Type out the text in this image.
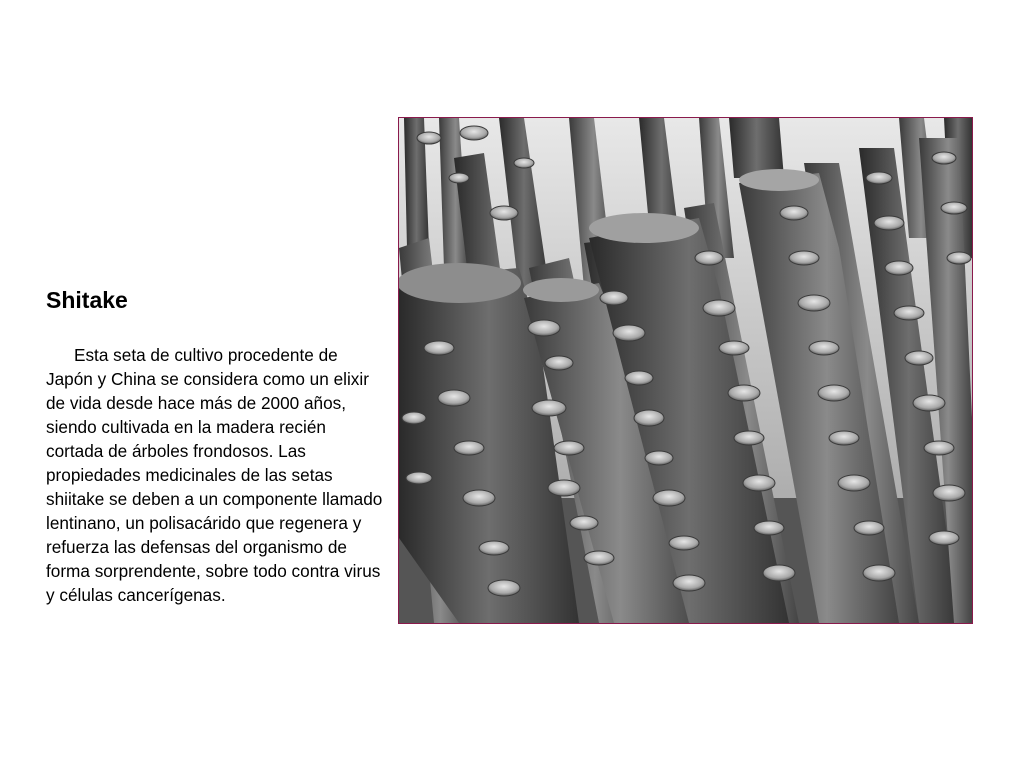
Shitake

Esta seta de cultivo procedente de Japón y China se considera como un elixir de vida desde hace más de 2000 años, siendo cultivada en la madera recién cortada de árboles frondosos. Las propiedades medicinales de las setas shiitake se deben a un componente llamado lentinano, un polisacárido que regenera y refuerza las defensas del organismo de forma sorprendente, sobre todo contra virus y células cancerígenas.
